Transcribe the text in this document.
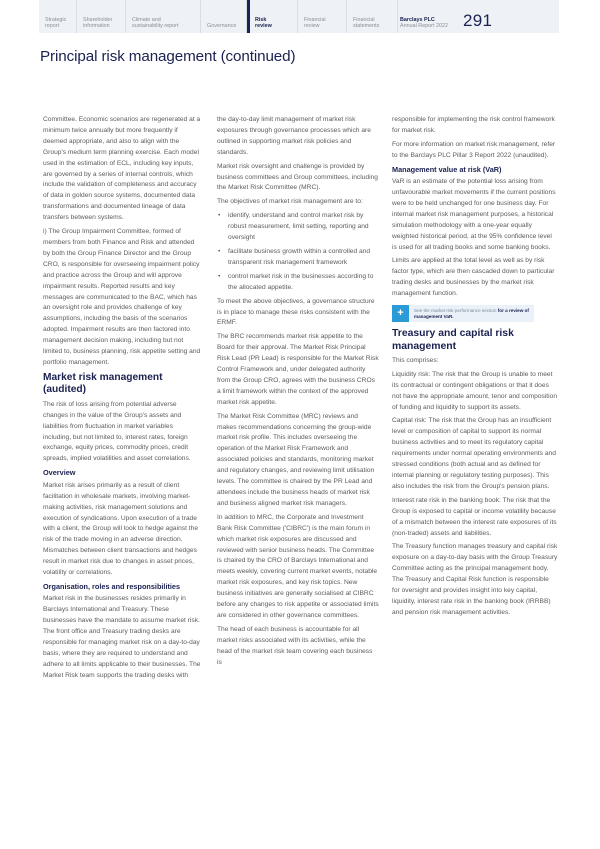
Strategic
report
Shareholder
information
Climate and
sustainability report	Governance
Risk
review
Financial
review
Financial
statements
Barclays PLC
Annual Report 2022 291
Principal risk management (continued)

Committee. Economic scenarios are regenerated at a minimum twice annually but more frequently if deemed appropriate, and also to align with the Group's medium term planning exercise. Each model used in the estimation of ECL, including key inputs, are governed by a series of internal controls, which include the validation of completeness and accuracy of data in golden source systems, documented data transformations and documented lineage of data transfers between systems.

i) The Group Impairment Committee, formed of members from both Finance and Risk and attended by both the Group Finance Director and the Group CRO, is responsible for overseeing impairment policy and practice across the Group and will approve impairment results. Reported results and key messages are communicated to the BAC, which has an oversight role and provides challenge of key assumptions, including the basis of the scenarios adopted. Impairment results are then factored into management decision making, including but not limited to, business planning, risk appetite setting and portfolio management.

Market risk management (audited)

The risk of loss arising from potential adverse changes in the value of the Group's assets and liabilities from fluctuation in market variables including, but not limited to, interest rates, foreign exchange, equity prices, commodity prices, credit spreads, implied volatilities and asset correlations.

Overview

Market risk arises primarily as a result of client facilitation in wholesale markets, involving market-making activities, risk management solutions and execution of syndications. Upon execution of a trade with a client, the Group will look to hedge against the risk of the trade moving in an adverse direction. Mismatches between client transactions and hedges result in market risk due to changes in asset prices, volatility or correlations.

Organisation, roles and responsibilities

Market risk in the businesses resides primarily in Barclays International and Treasury. These businesses have the mandate to assume market risk. The front office and Treasury trading desks are responsible for managing market risk on a day-to-day basis, where they are required to understand and adhere to all limits applicable to their businesses. The Market Risk team supports the trading desks with

the day-to-day limit management of market risk exposures through governance processes which are outlined in supporting market risk policies and standards.

Market risk oversight and challenge is provided by business committees and Group committees, including the Market Risk Committee (MRC).

The objectives of market risk management are to:

• identify, understand and control market risk by robust measurement, limit setting, reporting and oversight
• facilitate business growth within a controlled and transparent risk management framework
• control market risk in the businesses according to the allocated appetite.

To meet the above objectives, a governance structure is in place to manage these risks consistent with the ERMF.

The BRC recommends market risk appetite to the Board for their approval. The Market Risk Principal Risk Lead (PR Lead) is responsible for the Market Risk Control Framework and, under delegated authority from the Group CRO, agrees with the business CROs a limit framework within the context of the approved market risk appetite.

The Market Risk Committee (MRC) reviews and makes recommendations concerning the group-wide market risk profile. This includes overseeing the operation of the Market Risk Framework and associated policies and standards, monitoring market and regulatory changes, and reviewing limit utilisation levels. The committee is chaired by the PR Lead and attendees include the business heads of market risk and business aligned market risk managers.

In addition to MRC, the Corporate and Investment Bank Risk Committee ('CIBRC') is the main forum in which market risk exposures are discussed and reviewed with senior business heads. The Committee is chaired by the CRO of Barclays International and meets weekly, covering current market events, notable market risk exposures, and key risk topics. New business initiatives are generally socialised at CIBRC before any changes to risk appetite or associated limits are considered in other governance committees.

The head of each business is accountable for all market risks associated with its activities, while the head of the market risk team covering each business is

responsible for implementing the risk control framework for market risk.

For more information on market risk management, refer to the Barclays PLC Pillar 3 Report 2022 (unaudited).

Management value at risk (VaR)

VaR is an estimate of the potential loss arising from unfavourable market movements if the current positions were to be held unchanged for one business day. For internal market risk management purposes, a historical simulation methodology with a one-year equally weighted historical period, at the 95% confidence level is used for all trading books and some banking books.

Limits are applied at the total level as well as by risk factor type, which are then cascaded down to particular trading desks and businesses by the market risk management function.

+	See the market risk performance section for a review of management VaR.
Treasury and capital risk management

This comprises:

Liquidity risk: The risk that the Group is unable to meet its contractual or contingent obligations or that it does not have the appropriate amount, tenor and composition of funding and liquidity to support its assets.

Capital risk: The risk that the Group has an insufficient level or composition of capital to support its normal business activities and to meet its regulatory capital requirements under normal operating environments and stressed conditions (both actual and as defined for internal planning or regulatory testing purposes). This also includes the risk from the Group's pension plans.

Interest rate risk in the banking book: The risk that the Group is exposed to capital or income volatility because of a mismatch between the interest rate exposures of its (non-traded) assets and liabilities.

The Treasury function manages treasury and capital risk exposure on a day-to-day basis with the Group Treasury Committee acting as the principal management body. The Treasury and Capital Risk function is responsible for oversight and provides insight into key capital, liquidity, interest rate risk in the banking book (IRRBB) and pension risk management activities.
